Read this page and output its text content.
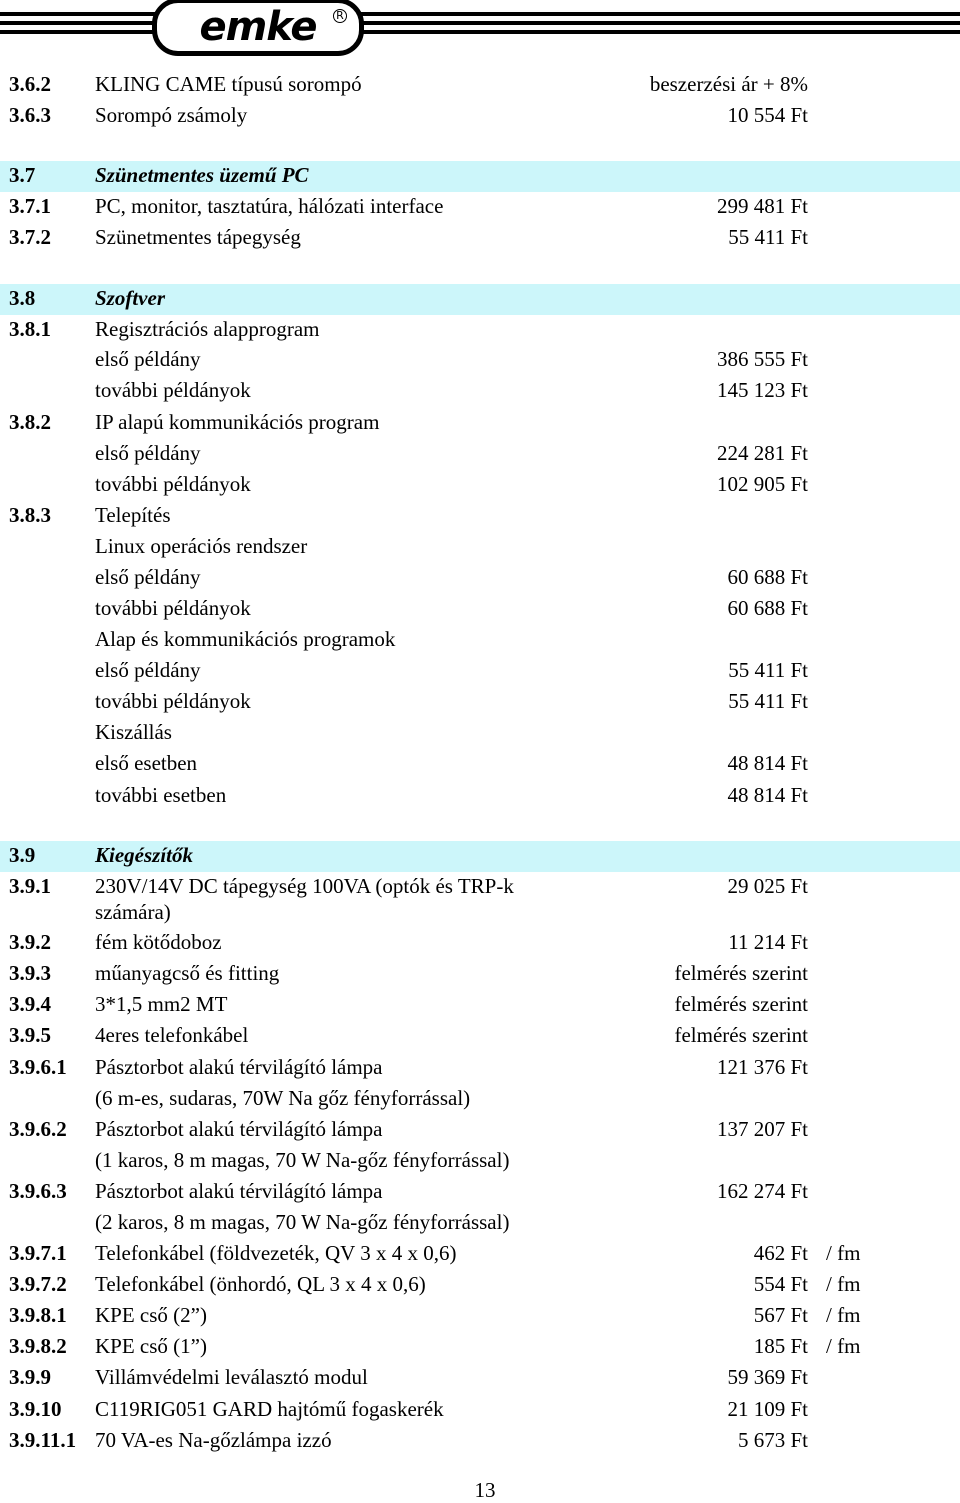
emke	R
3.6.2 KLING CAME típusú sorompó	beszerzési ár + 8%
3.6.3 Sorompó zsámoly	10 554 Ft
3.7	Szünetmentes üzemű PC
3.7.1 PC, monitor, tasztatúra, hálózati interface	299 481 Ft
3.7.2 Szünetmentes tápegység	55 411 Ft
3.8	Szoftver
3.8.1 Regisztrációs alapprogram
első példány	386 555 Ft
további példányok	145 123 Ft
3.8.2 IP alapú kommunikációs program
első példány	224 281 Ft
további példányok	102 905 Ft
3.8.3 Telepítés
Linux operációs rendszer
első példány	60 688 Ft
további példányok	60 688 Ft
Alap és kommunikációs programok
első példány	55 411 Ft
további példányok	55 411 Ft
Kiszállás
első esetben	48 814 Ft
további esetben	48 814 Ft
3.9	Kiegészítők
3.9.1 230V/14V DC tápegység 100VA (optók és TRP-k	29 025 Ft
számára)
3.9.2 fém kötődoboz	11 214 Ft
3.9.3 műanyagcső és fitting	felmérés szerint
3.9.4 3*1,5 mm2 MT	felmérés szerint
3.9.5 4eres telefonkábel	felmérés szerint
3.9.6.1 Pásztorbot alakú térvilágító lámpa	121 376 Ft
(6 m-es, sudaras, 70W Na gőz fényforrással)
3.9.6.2 Pásztorbot alakú térvilágító lámpa	137 207 Ft
(1 karos, 8 m magas, 70 W Na-gőz fényforrással)
3.9.6.3 Pásztorbot alakú térvilágító lámpa	162 274 Ft
(2 karos, 8 m magas, 70 W Na-gőz fényforrással)
3.9.7.1 Telefonkábel (földvezeték, QV 3 x 4 x 0,6)	462 Ft / fm
3.9.7.2 Telefonkábel (önhordó, QL 3 x 4 x 0,6)	554 Ft / fm
3.9.8.1 KPE cső (2”)	567 Ft / fm
3.9.8.2 KPE cső (1”)	185 Ft / fm
3.9.9 Villámvédelmi leválasztó modul	59 369 Ft
3.9.10 C119RIG051 GARD hajtómű fogaskerék	21 109 Ft
3.9.11.1 70 VA-es Na-gőzlámpa izzó	5 673 Ft
13
